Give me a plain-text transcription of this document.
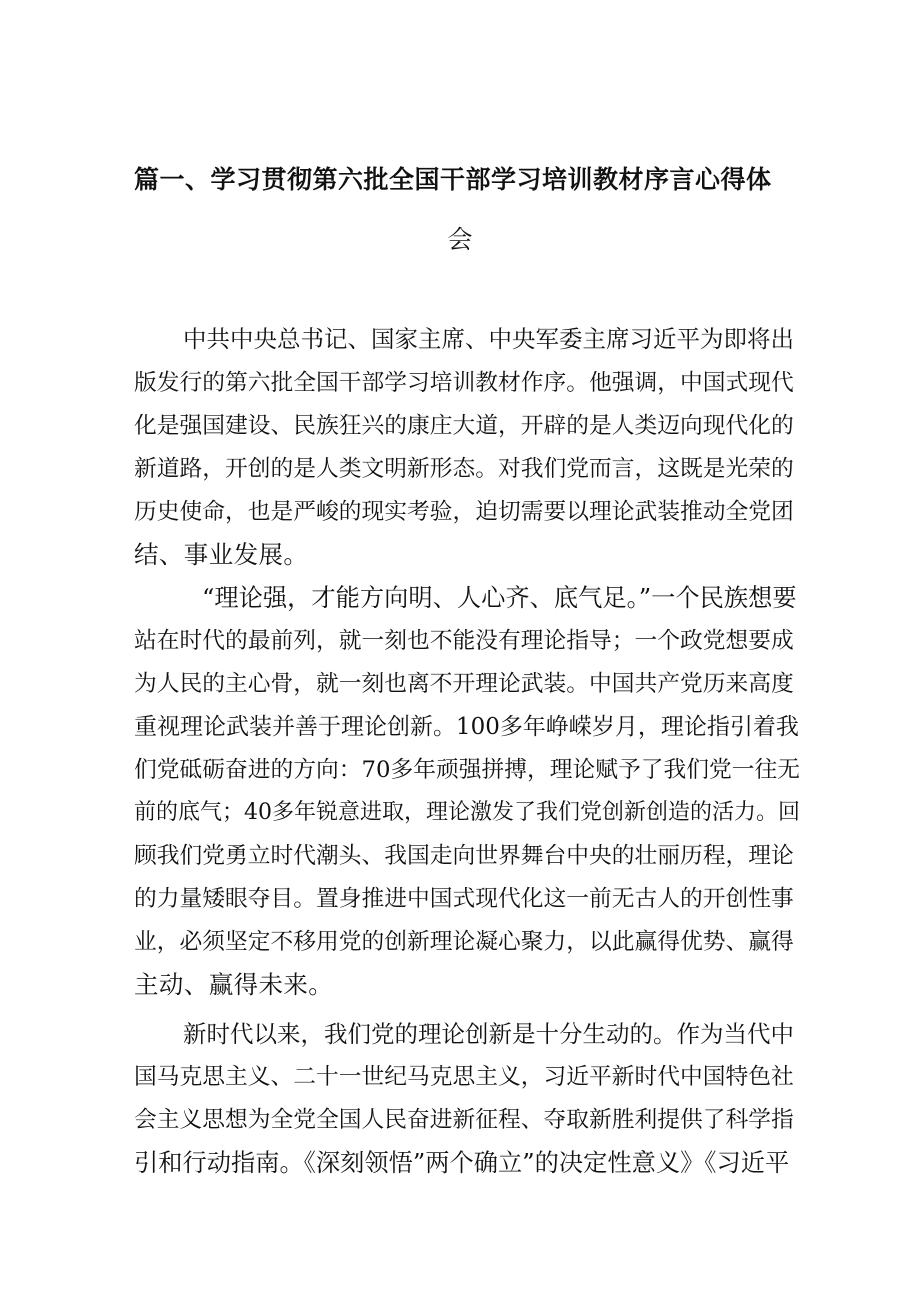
篇一、学习贯彻第六批全国干部学习培训教材序言心得体
会
中共中央总书记、国家主席、中央军委主席习近平为即将出
版发行的第六批全国干部学习培训教材作序。他强调，中国式现代
化是强国建设、民族狂兴的康庄大道，开辟的是人类迈向现代化的
新道路，开创的是人类文明新形态。对我们党而言，这既是光荣的
历史使命，也是严峻的现实考验，迫切需要以理论武装推动全党团
结、事业发展。
“理论强，才能方向明、人心齐、底气足。”一个民族想要
站在时代的最前列，就一刻也不能没有理论指导；一个政党想要成
为人民的主心骨，就一刻也离不开理论武装。中国共产党历来高度
重视理论武装并善于理论创新。100多年峥嵘岁月，理论指引着我
们党砥砺奋进的方向：70多年顽强拼搏，理论赋予了我们党一往无
前的底气；40多年锐意进取，理论激发了我们党创新创造的活力。回
顾我们党勇立时代潮头、我国走向世界舞台中央的壮丽历程，理论
的力量矮眼夺目。置身推进中国式现代化这一前无古人的开创性事
业，必须坚定不移用党的创新理论凝心聚力，以此赢得优势、赢得
主动、赢得未来。
新时代以来，我们党的理论创新是十分生动的。作为当代中
国马克思主义、二十一世纪马克思主义，习近平新时代中国特色社
会主义思想为全党全国人民奋进新征程、夺取新胜利提供了科学指
引和行动指南。《深刻领悟”两个确立”的决定性意义》《习近平
